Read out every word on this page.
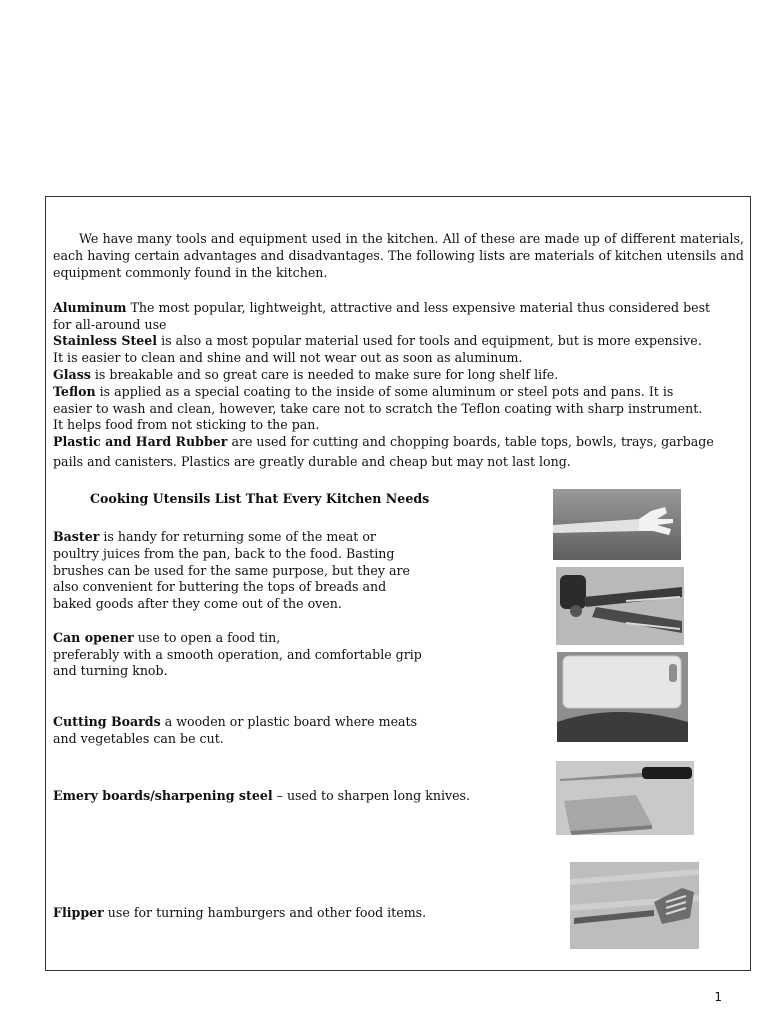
We have many tools and equipment used in the kitchen. All of these are made up of different materials, each having certain advantages and disadvantages. The following lists are materials of kitchen utensils and equipment commonly found in the kitchen.
Aluminum The most popular, lightweight, attractive and less expensive material thus considered best
for all-around use
Stainless Steel is also a most popular material used for tools and equipment, but is more expensive.
It is easier to clean and shine and will not wear out as soon as aluminum.
Glass is breakable and so great care is needed to make sure for long shelf life.
Teflon is applied as a special coating to the inside of some aluminum or steel pots and pans. It is
easier to wash and clean, however, take care not to scratch the Teflon coating with sharp instrument.
It helps food from not sticking to the pan.
Plastic and Hard Rubber are used for cutting and chopping boards, table tops, bowls, trays, garbage
pails and canisters. Plastics are greatly durable and cheap but may not last long.
Cooking Utensils List That Every Kitchen Needs
Baster is handy for returning some of the meat or
poultry juices from the pan, back to the food. Basting
brushes can be used for the same purpose, but they are
also convenient for buttering the tops of breads and
baked goods after they come out of the oven.
Can opener use to open a food tin,
preferably with a smooth operation, and comfortable grip
and turning knob.
Cutting Boards a wooden or plastic board where meats
and vegetables can be cut.
Emery boards/sharpening steel – used to sharpen long knives.
Flipper use for turning hamburgers and other food items.
1
